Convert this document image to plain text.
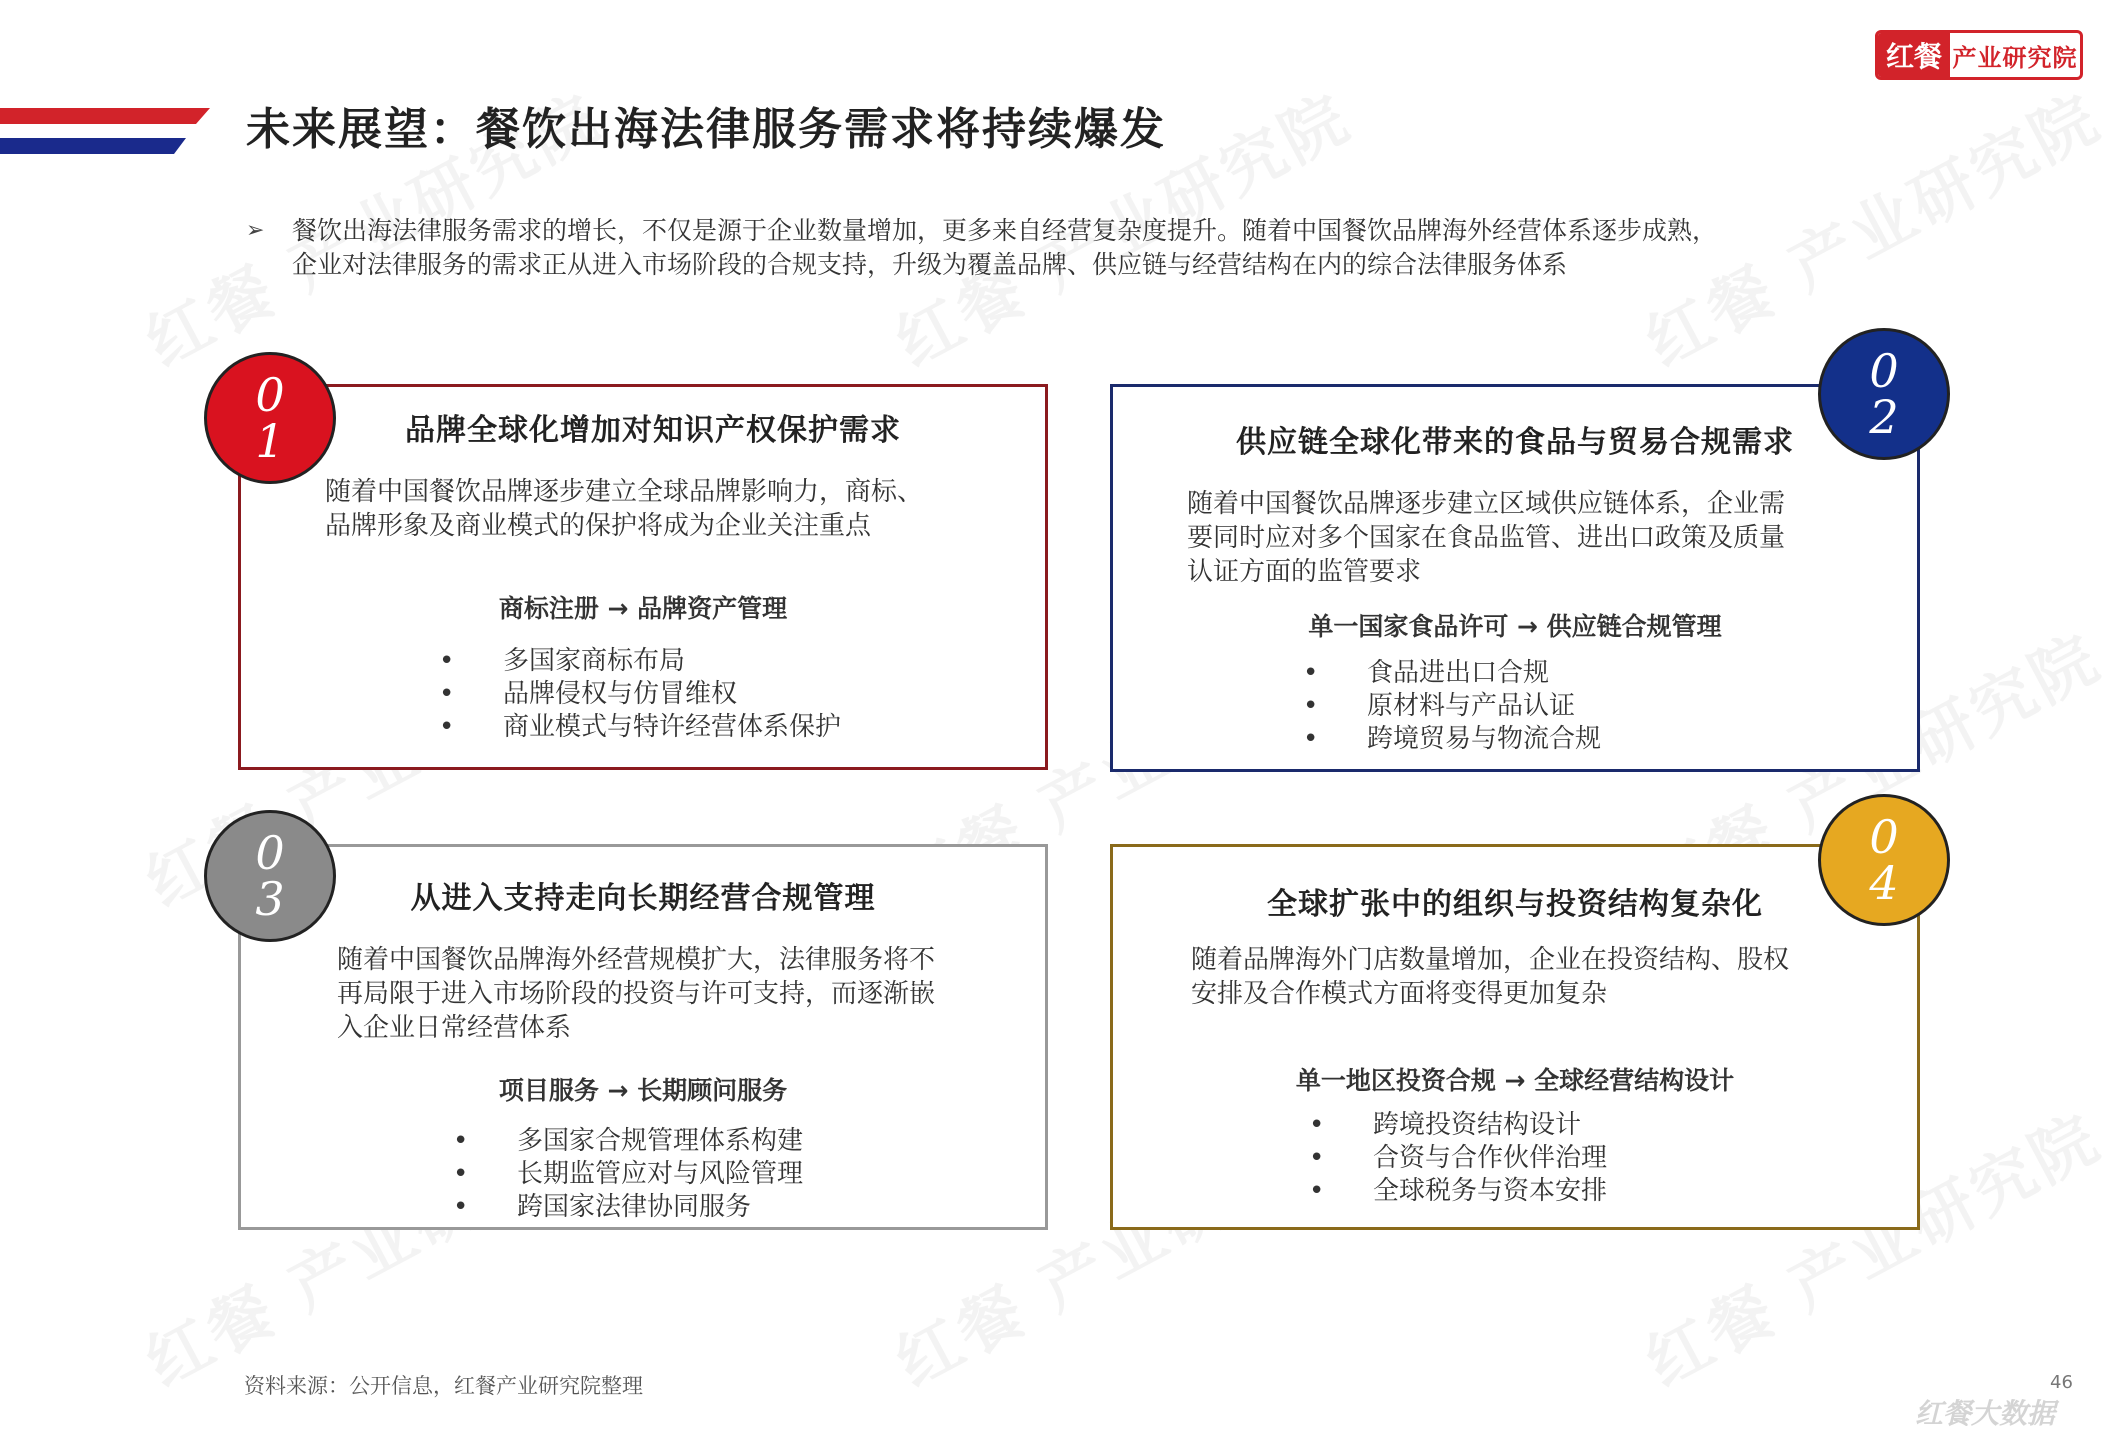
红餐 产业研究院
未来展望：餐饮出海法律服务需求将持续爆发
➢	餐饮出海法律服务需求的增长，不仅是源于企业数量增加，更多来自经营复杂度提升。随着中国餐饮品牌海外经营体系逐步成熟，

企业对法律服务的需求正从进入市场阶段的合规支持，升级为覆盖品牌、供应链与经营结构在内的综合法律服务体系

品牌全球化增加对知识产权保护需求

随着中国餐饮品牌逐步建立全球品牌影响力，商标、

品牌形象及商业模式的保护将成为企业关注重点

商标注册 → 品牌资产管理
•	多国家商标布局
•	品牌侵权与仿冒维权
•	商业模式与特许经营体系保护
0
1	供应链全球化带来的食品与贸易合规需求

随着中国餐饮品牌逐步建立区域供应链体系，企业需

要同时应对多个国家在食品监管、进出口政策及质量

认证方面的监管要求

单一国家食品许可 → 供应链合规管理
•	食品进出口合规
•	原材料与产品认证
•	跨境贸易与物流合规
0
2
从进入支持走向长期经营合规管理

随着中国餐饮品牌海外经营规模扩大，法律服务将不

再局限于进入市场阶段的投资与许可支持，而逐渐嵌

入企业日常经营体系

项目服务 → 长期顾问服务
•	多国家合规管理体系构建
•	长期监管应对与风险管理
•	跨国家法律协同服务
0
3	全球扩张中的组织与投资结构复杂化

随着品牌海外门店数量增加，企业在投资结构、股权

安排及合作模式方面将变得更加复杂

单一地区投资合规 → 全球经营结构设计
•	跨境投资结构设计
•	合资与合作伙伴治理
•	全球税务与资本安排
0
4
资料来源：公开信息，红餐产业研究院整理	46
红餐大数据
